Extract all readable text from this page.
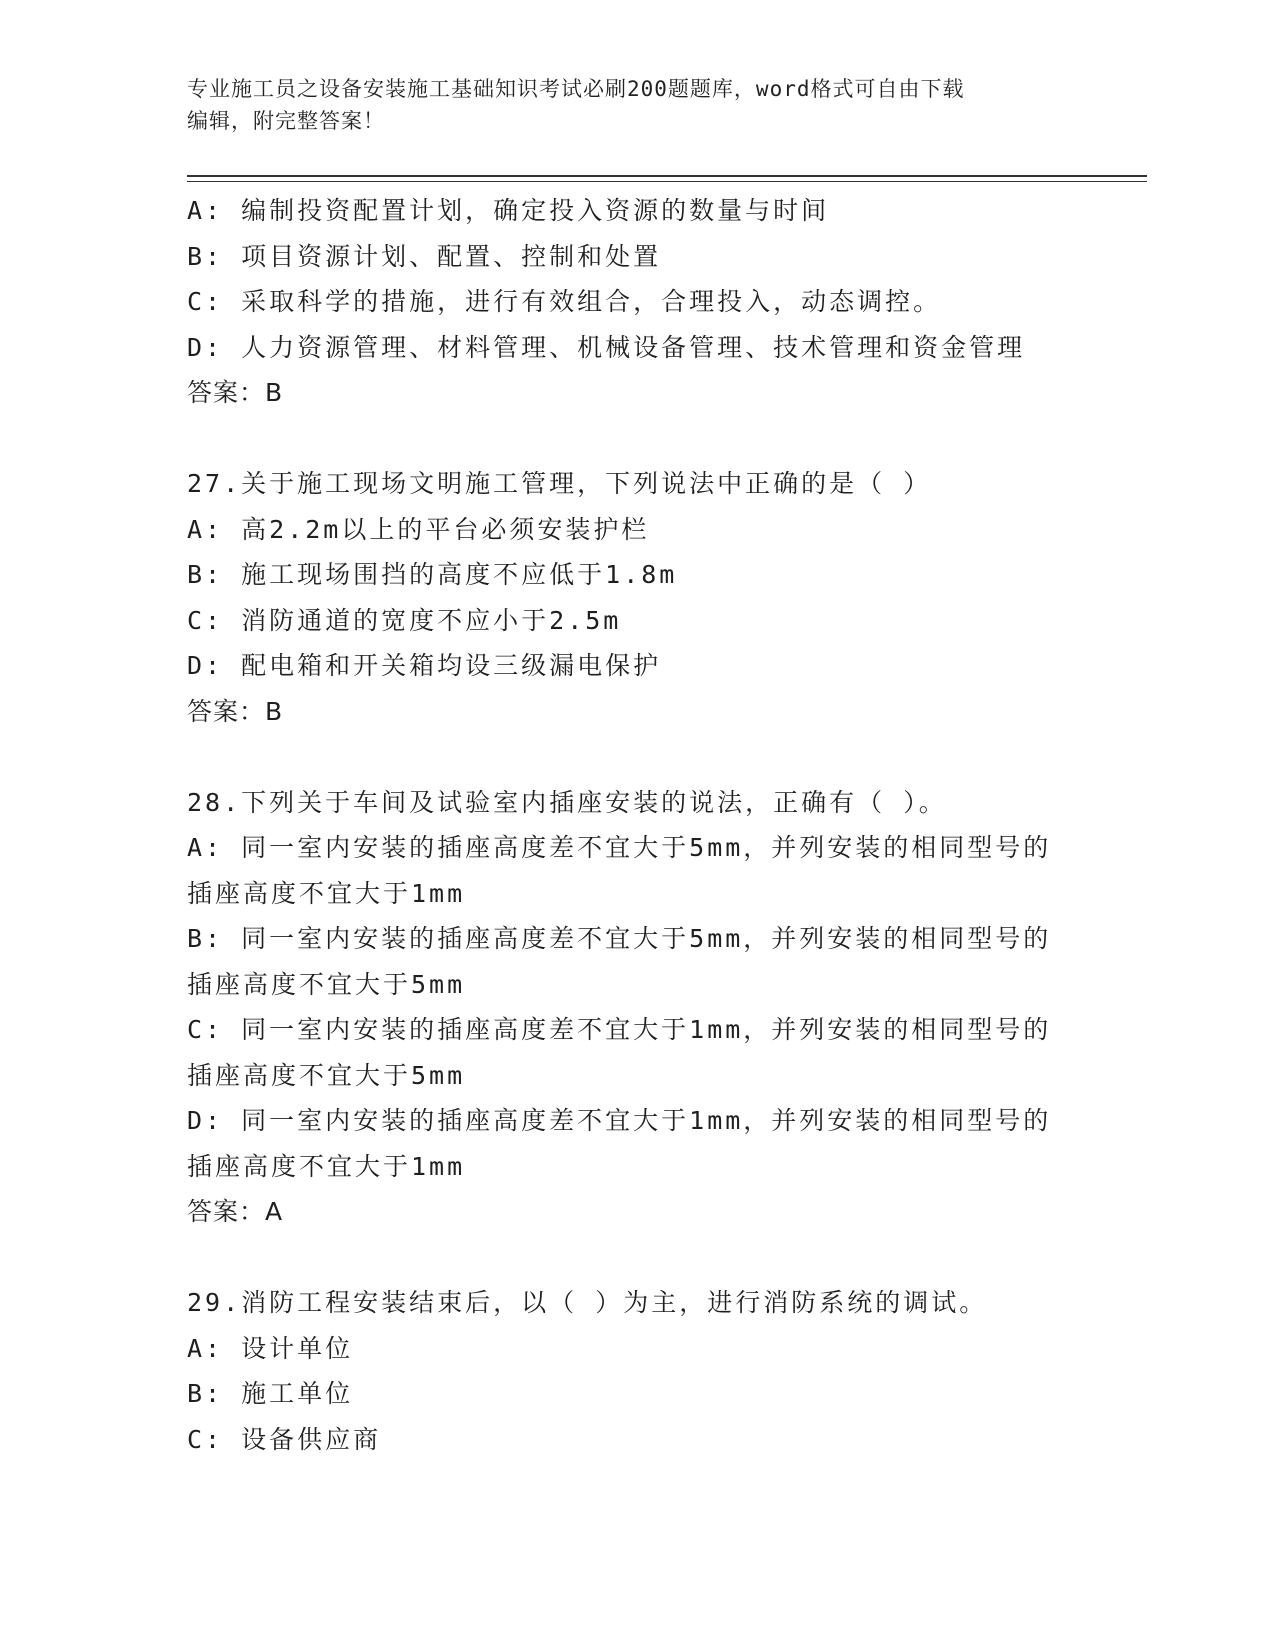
专业施工员之设备安装施工基础知识考试必刷200题题库，word格式可自由下载
编辑，附完整答案！
A: 编制投资配置计划，确定投入资源的数量与时间
B: 项目资源计划、配置、控制和处置
C: 采取科学的措施，进行有效组合，合理投入，动态调控。
D: 人力资源管理、材料管理、机械设备管理、技术管理和资金管理
答案：B
27.关于施工现场文明施工管理，下列说法中正确的是（ ）
A: 高2.2m以上的平台必须安装护栏
B: 施工现场围挡的高度不应低于1.8m
C: 消防通道的宽度不应小于2.5m
D: 配电箱和开关箱均设三级漏电保护
答案：B
28.下列关于车间及试验室内插座安装的说法，正确有（ ）。
A: 同一室内安装的插座高度差不宜大于5mm，并列安装的相同型号的
插座高度不宜大于1mm
B: 同一室内安装的插座高度差不宜大于5mm，并列安装的相同型号的
插座高度不宜大于5mm
C: 同一室内安装的插座高度差不宜大于1mm，并列安装的相同型号的
插座高度不宜大于5mm
D: 同一室内安装的插座高度差不宜大于1mm，并列安装的相同型号的
插座高度不宜大于1mm
答案：A
29.消防工程安装结束后，以（ ）为主，进行消防系统的调试。
A: 设计单位
B: 施工单位
C: 设备供应商
